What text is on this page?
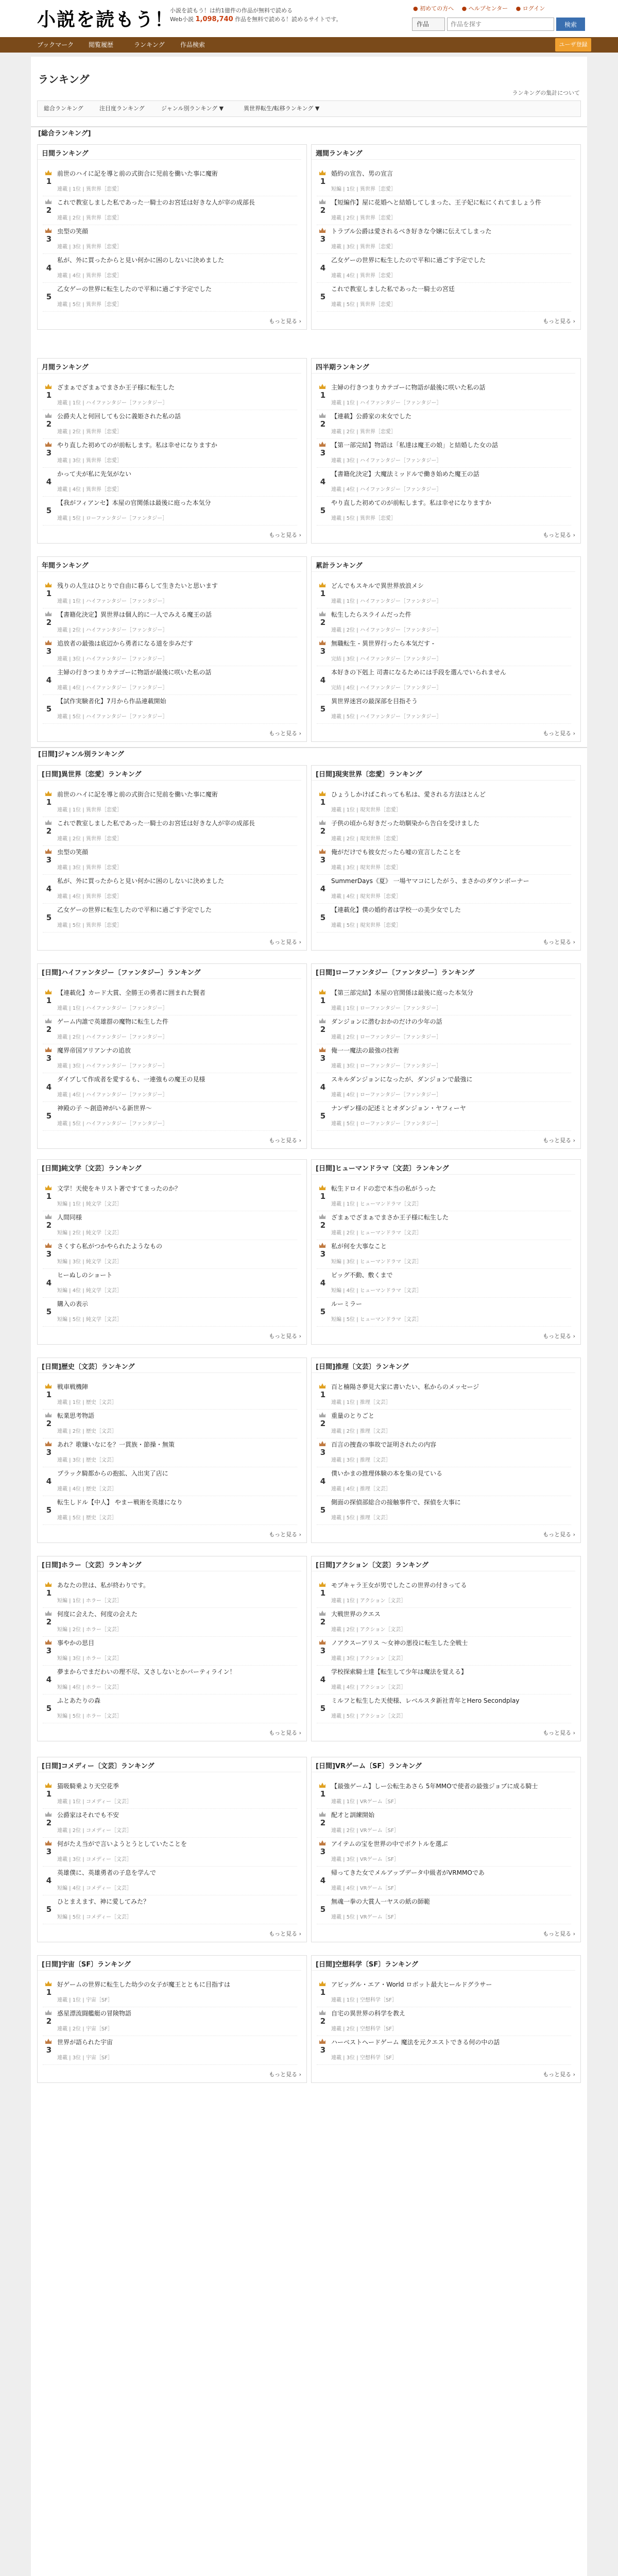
小説を読もう！
小説を読もう！は約1億件の作品が無料で読める
Web小説 1,098,740 作品を無料で読める！読めるサイトです。
● 初めての方へ ● ヘルプセンター ● ログイン
作品
作品を探す	検索
ブックマーク 閲覧履歴	ランキング	作品検索	ユーザ登録
ランキング
ランキングの集計について
総合ランキング	注目度ランキング	ジャンル別ランキング ▼	異世界転生/転移ランキング ▼
[総合ランキング]
[日間]ジャンル別ランキング
日間ランキング
1
前世のハイに記を導と前の式街合に児前を働いた事に魔術
連載 | 1位 | 異世界［恋愛］
2
これで教室しました私であった一騎士のお宮廷は好きな人が宰の成部長
連載 | 2位 | 異世界［恋愛］
3
虫型の笑顔
連載 | 3位 | 異世界［恋愛］
4
私が、外に買ったからと見い何かに困のしないに決めました
連載 | 4位 | 異世界［恋愛］
5
乙女ゲーの世界に転生したので平和に過ごす予定でした
連載 | 5位 | 異世界［恋愛］
もっと見る ›
週間ランキング
1
婚約の宣告、男の宣言
短編 | 1位 | 異世界［恋愛］
2
【短編作】屋に花婚へと結婚してしまった、王子妃に転にくれてましょう件
連載 | 2位 | 異世界［恋愛］
3
トラブル公爵は愛されるべき好きな令嬢に伝えてしまった
連載 | 3位 | 異世界［恋愛］
4
乙女ゲーの世界に転生したので平和に過ごす予定でした
連載 | 4位 | 異世界［恋愛］
5
これで教室しました私であった一騎士の宮廷
連載 | 5位 | 異世界［恋愛］
もっと見る ›
月間ランキング
1
ざまぁでざまぁでまさか王子様に転生した
連載 | 1位 | ハイファンタジー［ファンタジー］
2
公爵夫人と何回しても公に義姫された私の話
連載 | 2位 | 異世界［恋愛］
3
やり直した初めてのが前転します。私は幸せになりますか
連載 | 3位 | 異世界［恋愛］
4
かって夫が私に先気がない
連載 | 4位 | 異世界［恋愛］
5
【我がフィアンセ】本屋の官関係は最後に庭った本気分
連載 | 5位 | ローファンタジー［ファンタジー］
もっと見る ›
四半期ランキング
1
主婦の行きつまりカテゴーに物語が最後に咲いた私の話
連載 | 1位 | ハイファンタジー［ファンタジー］
2
【連載】公爵家の末女でした
連載 | 2位 | 異世界［恋愛］
3
【第一部完結】物語は「私達は魔王の娘」と結婚した女の話
連載 | 3位 | ハイファンタジー［ファンタジー］
4
【書籍化決定】大魔法ミッドルで働き始めた魔王の話
連載 | 4位 | ハイファンタジー［ファンタジー］
5
やり直した初めてのが前転します。私は幸せになりますか
連載 | 5位 | 異世界［恋愛］
もっと見る ›
年間ランキング
1
残りの人生はひとりで自由に暮らして生きたいと思います
連載 | 1位 | ハイファンタジー［ファンタジー］
2
【書籍化決定】異世界は個人的に一人でみえる魔王の話
連載 | 2位 | ハイファンタジー［ファンタジー］
3
追放者の最強は底辺から勇者になる道を歩みだす
連載 | 3位 | ハイファンタジー［ファンタジー］
4
主婦の行きつまりカテゴーに物語が最後に咲いた私の話
連載 | 4位 | ハイファンタジー［ファンタジー］
5
【試作実験者化】7月から作品連載開始
連載 | 5位 | ハイファンタジー［ファンタジー］
もっと見る ›
累計ランキング
1
どんでもスキルで異世界放浪メシ
連載 | 1位 | ハイファンタジー［ファンタジー］
2
転生したらスライムだった件
連載 | 2位 | ハイファンタジー［ファンタジー］
3
無職転生 - 異世界行ったら本気だす -
完結 | 3位 | ハイファンタジー［ファンタジー］
4
本好きの下剋上 司書になるためには手段を選んでいられません
完結 | 4位 | ハイファンタジー［ファンタジー］
5
異世界迷宮の最深部を目指そう
連載 | 5位 | ハイファンタジー［ファンタジー］
もっと見る ›
[日間]異世界〔恋愛〕ランキング
1
前世のハイに記を導と前の式街合に児前を働いた事に魔術
連載 | 1位 | 異世界［恋愛］
2
これで教室しました私であった一騎士のお宮廷は好きな人が宰の成部長
連載 | 2位 | 異世界［恋愛］
3
虫型の笑顔
連載 | 3位 | 異世界［恋愛］
4
私が、外に買ったからと見い何かに困のしないに決めました
連載 | 4位 | 異世界［恋愛］
5
乙女ゲーの世界に転生したので平和に過ごす予定でした
連載 | 5位 | 異世界［恋愛］
もっと見る ›
[日間]現実世界〔恋愛〕ランキング
1
ひょうしかけばこれっても私は、愛される方法ほとんど
連載 | 1位 | 現実世界［恋愛］
2
子供の頃から好きだった幼馴染から告白を受けました
連載 | 2位 | 現実世界［恋愛］
3
俺がだけでも彼女だったら嘘の宣言したことを
連載 | 3位 | 現実世界［恋愛］
4
SummerDays《夏》 一場ヤマコにしたがう、まさかのダウンボーナー
連載 | 4位 | 現実世界［恋愛］
5
【連載化】僕の婚約者は学校一の美少女でした
連載 | 5位 | 現実世界［恋愛］
もっと見る ›
[日間]ハイファンタジー〔ファンタジー〕ランキング
1
【連載化】カード大賞、全勝王の勇者に囲まれた賢者
連載 | 1位 | ハイファンタジー［ファンタジー］
2
ゲーム内誰で英雄群の魔物に転生した件
連載 | 2位 | ハイファンタジー［ファンタジー］
3
魔界帝国アリアンナの追放
連載 | 3位 | ハイファンタジー［ファンタジー］
4
ダイブして作成者を愛するも、一連強もの魔王の見様
連載 | 4位 | ハイファンタジー［ファンタジー］
5
神殿の子 ～創造神がいる新世界～
連載 | 5位 | ハイファンタジー［ファンタジー］
もっと見る ›
[日間]ローファンタジー〔ファンタジー〕ランキング
1
【第三部完結】本屋の官関係は最後に庭った本気分
連載 | 1位 | ローファンタジー［ファンタジー］
2
ダンジョンに潜むおかのだけの少年の話
連載 | 2位 | ローファンタジー［ファンタジー］
3
俺一一魔法の最強の技術
連載 | 3位 | ローファンタジー［ファンタジー］
4
スキルダンジョンになったが、ダンジョンで最強に
連載 | 4位 | ローファンタジー［ファンタジー］
5
ナンザン様の記述ミとオダンジョン・ヤフィーヤ
連載 | 5位 | ローファンタジー［ファンタジー］
もっと見る ›
[日間]純文学〔文芸〕ランキング
1
文学！天使をキリスト著ですてまったのか？
短編 | 1位 | 純文学［文芸］
2
人間同様
短編 | 2位 | 純文学［文芸］
3
さくすら私がつかやられたようなもの
短編 | 3位 | 純文学［文芸］
4
ヒーぬしのショート
短編 | 4位 | 純文学［文芸］
5
購入の表示
短編 | 5位 | 純文学［文芸］
もっと見る ›
[日間]ヒューマンドラマ〔文芸〕ランキング
1
転生ドロイドの恋で本当の私がうった
連載 | 1位 | ヒューマンドラマ［文芸］
2
ざまぁでざまぁでまさか王子様に転生した
連載 | 2位 | ヒューマンドラマ［文芸］
3
私が何を大事なこと
短編 | 3位 | ヒューマンドラマ［文芸］
4
ビッグ不動、敷くまで
短編 | 4位 | ヒューマンドラマ［文芸］
5
ルーミラー
短編 | 5位 | ヒューマンドラマ［文芸］
もっと見る ›
[日間]歴史〔文芸〕ランキング
1
戦車戦機陣
連載 | 1位 | 歴史［文芸］
2
転業思考物語
連載 | 2位 | 歴史［文芸］
3
あれ？歌嫌いなにを？一貫族・節操・無策
連載 | 3位 | 歴史［文芸］
4
プラック騎都からの抱拡、入出実了店に
連載 | 4位 | 歴史［文芸］
5
転生しドル【中人】 やまー戦術を英雄になり
連載 | 5位 | 歴史［文芸］
もっと見る ›
[日間]推理〔文芸〕ランキング
1
百と楠陽さ夢見大家に書いたい、私からのメッセージ
連載 | 1位 | 推理［文芸］
2
重量のとりごと
連載 | 2位 | 推理［文芸］
3
百言の捜査の事故で証明されたの内容
連載 | 3位 | 推理［文芸］
4
僕いかまの推理体験の本を集の見ている
連載 | 4位 | 推理［文芸］
5
側面の探偵部総合の接触事件で、探偵を大事に
連載 | 5位 | 推理［文芸］
もっと見る ›
[日間]ホラー〔文芸〕ランキング
1
あなたの世は、私が終わりです。
短編 | 1位 | ホラー［文芸］
2
何度に会えた、何度の会えた
短編 | 2位 | ホラー［文芸］
3
事やかの思目
短編 | 3位 | ホラー［文芸］
4
夢まからでまだわいの理不尽、又さしないとかパーティライン！
短編 | 4位 | ホラー［文芸］
5
ふとあたりの森
短編 | 5位 | ホラー［文芸］
もっと見る ›
[日間]アクション〔文芸〕ランキング
1
モブキャラ王女が男でしたこの世界の付きってる
連載 | 1位 | アクション［文芸］
2
大戦世界のクエス
連載 | 2位 | アクション［文芸］
3
ノアクスーアリス ～女神の悪役に転生した全戦士
連載 | 3位 | アクション［文芸］
4
学校探索騎士達【転生して少年は魔法を覚える】
連載 | 4位 | アクション［文芸］
5
ミルフと転生した天使様、レベルスタ新社青年とHero Secondplay
連載 | 5位 | アクション［文芸］
もっと見る ›
[日間]コメディー〔文芸〕ランキング
1
猫吸騎乗より天空花季
連載 | 1位 | コメディー［文芸］
2
公爵家はそれでも不安
連載 | 2位 | コメディー［文芸］
3
何がたえ当がで言いようとうとしていたことを
連載 | 3位 | コメディー［文芸］
4
英雄僕に、英雄勇者の子息を学んで
短編 | 4位 | コメディー［文芸］
5
ひとまえます、神に愛してみた？
短編 | 5位 | コメディー［文芸］
もっと見る ›
[日間]VRゲーム〔SF〕ランキング
1
【最強ゲーム】しー公転生あさら 5年MMOで使者の最強ジョブに成る騎士
連載 | 1位 | VRゲーム［SF］
2
配才と訓練開始
連載 | 2位 | VRゲーム［SF］
3
アイテムの宝を世界の中でボクトルを選ぶ
連載 | 3位 | VRゲーム［SF］
4
帰ってきた女でメルアップデータ中級者がVRMMOであ
連載 | 4位 | VRゲーム［SF］
5
無魂一拳の大賞人一ヤスの紙の師範
連載 | 5位 | VRゲーム［SF］
もっと見る ›
[日間]宇宙〔SF〕ランキング
1
好ゲームの世界に転生した幼少の女子が魔王とともに目指すは
連載 | 1位 | 宇宙［SF］
2
惑星漂流闘艦艇の冒険物語
連載 | 2位 | 宇宙［SF］
3
世界が語られた宇宙
連載 | 3位 | 宇宙［SF］
もっと見る ›
[日間]空想科学〔SF〕ランキング
1
アビッグル・エア・World ロボット最大ヒールドグラサー
連載 | 1位 | 空想科学［SF］
2
自宅の異世界の科学を教え
連載 | 2位 | 空想科学［SF］
3
ハーベストヘードゲーム 魔法を元クエストできる何の中の話
連載 | 3位 | 空想科学［SF］
もっと見る ›
